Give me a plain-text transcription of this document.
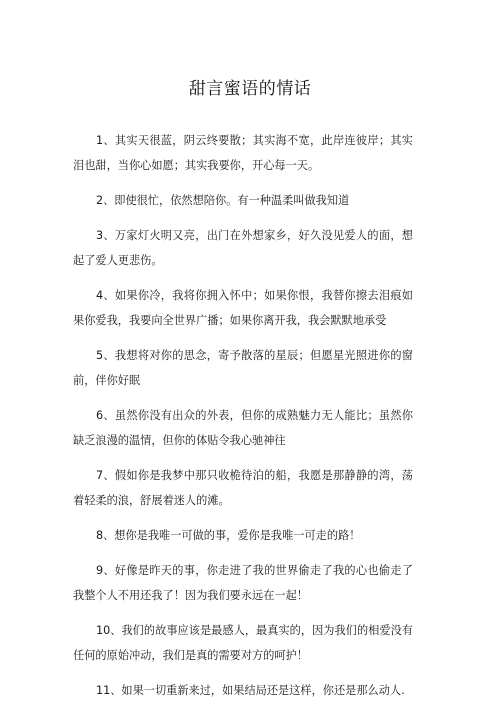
甜言蜜语的情话

1、其实天很蓝，阴云终要散；其实海不宽，此岸连彼岸；其实泪也甜，当你心如愿；其实我要你，开心每一天。

2、即使很忙，依然想陪你。有一种温柔叫做我知道

3、万家灯火明又亮，出门在外想家乡，好久没见爱人的面，想起了爱人更悲伤。

4、如果你冷，我将你拥入怀中；如果你恨，我替你擦去泪痕如果你爱我，我要向全世界广播；如果你离开我，我会默默地承受

5、我想将对你的思念，寄予散落的星辰；但愿星光照进你的窗前，伴你好眠

6、虽然你没有出众的外表，但你的成熟魅力无人能比；虽然你缺乏浪漫的温情，但你的体贴令我心驰神往

7、假如你是我梦中那只收桅待泊的船，我愿是那静静的湾，荡着轻柔的浪，舒展着迷人的滩。

8、想你是我唯一可做的事，爱你是我唯一可走的路！

9、好像是昨天的事，你走进了我的世界偷走了我的心也偷走了我整个人不用还我了！因为我们要永远在一起！

10、我们的故事应该是最感人，最真实的，因为我们的相爱没有任何的原始冲动，我们是真的需要对方的呵护！

11、如果一切重新来过，如果结局还是这样，你还是那么动人.
